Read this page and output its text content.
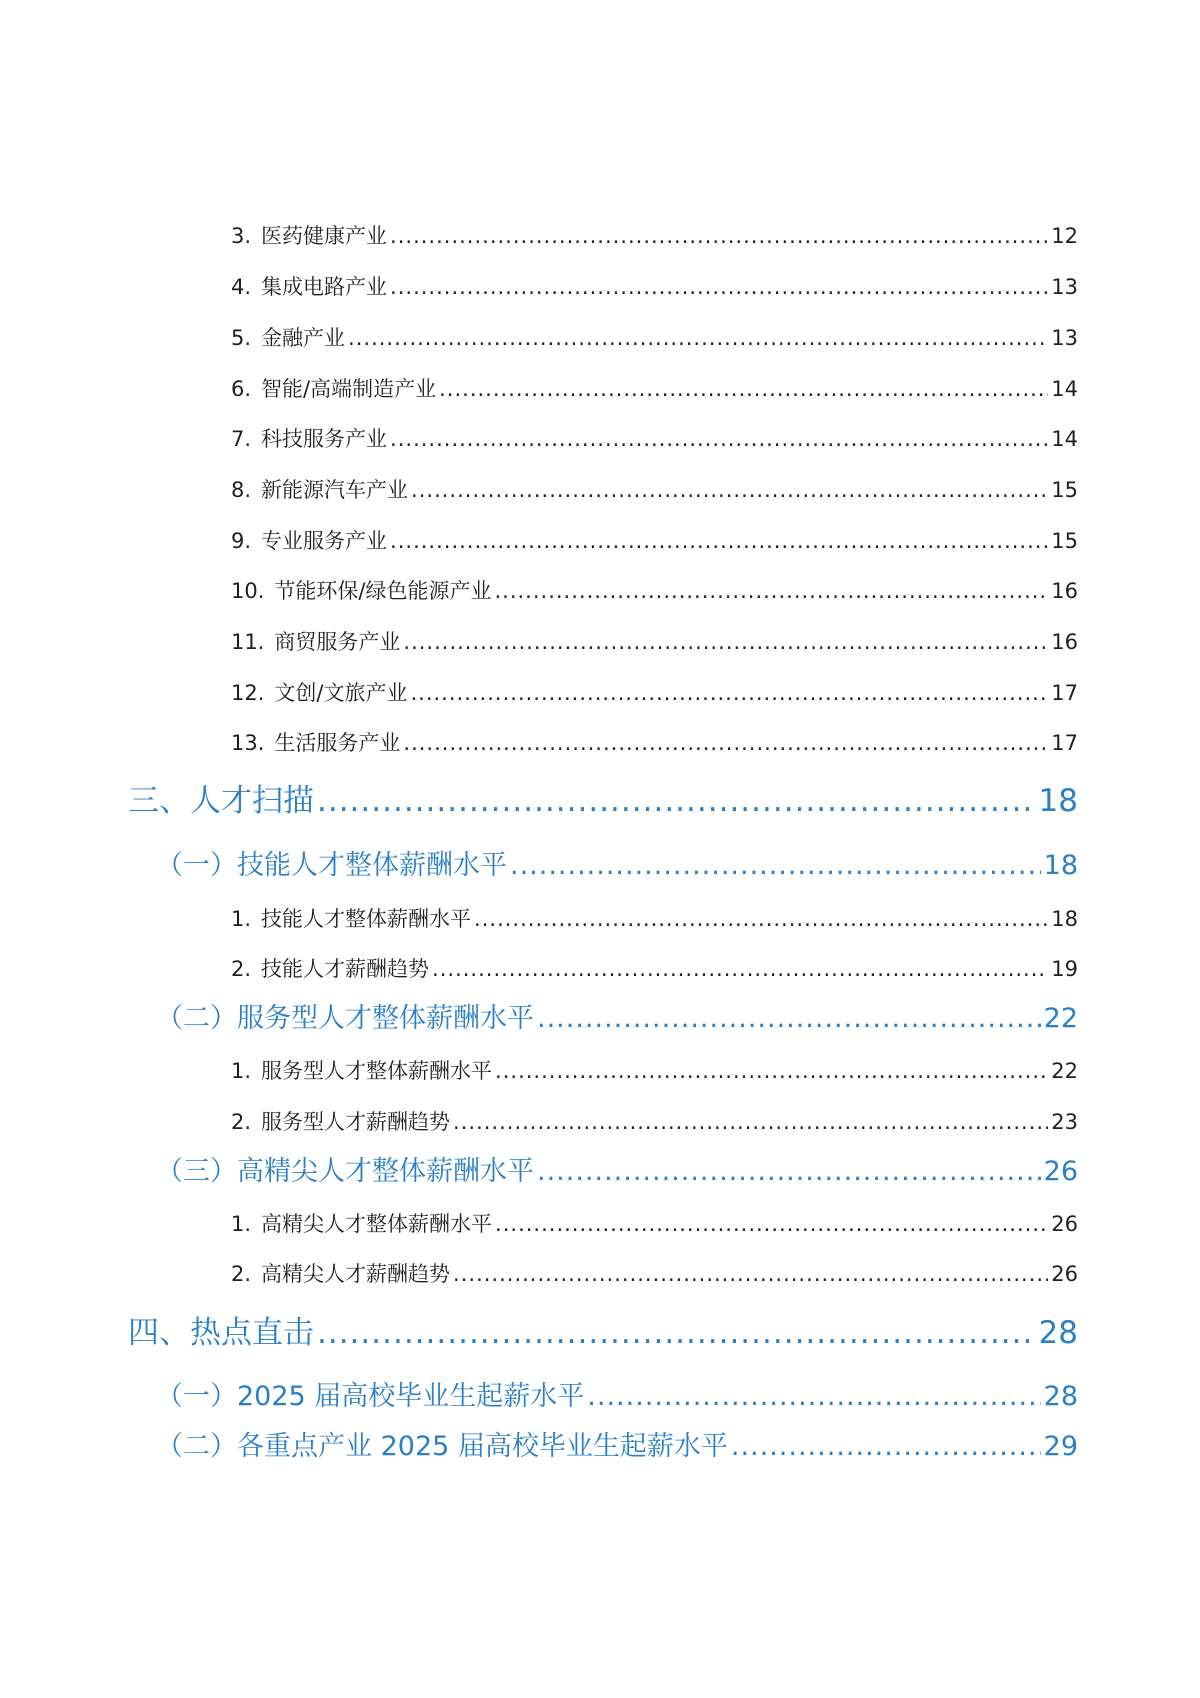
3. 医药健康产业 .....	12
4. 集成电路产业 .....	13
5. 金融产业 .....	13
6. 智能/高端制造产业 .....	14
7. 科技服务产业 .....	14
8. 新能源汽车产业 .....	15
9. 专业服务产业 .....	15
10. 节能环保/绿色能源产业 .....	16
11. 商贸服务产业 .....	16
12. 文创/文旅产业 .....	17
13. 生活服务产业 .....	17
三、人才扫描 .....	18
（一）技能人才整体薪酬水平 .....	18
1. 技能人才整体薪酬水平 .....	18
2. 技能人才薪酬趋势 .....	19
（二）服务型人才整体薪酬水平 .....	22
1. 服务型人才整体薪酬水平 .....	22
2. 服务型人才薪酬趋势 .....	23
（三）高精尖人才整体薪酬水平 .....	26
1. 高精尖人才整体薪酬水平 .....	26
2. 高精尖人才薪酬趋势 .....	26
四、热点直击 .....	28
（一）2025 届高校毕业生起薪水平 .....	28
（二）各重点产业 2025 届高校毕业生起薪水平 .....	29
